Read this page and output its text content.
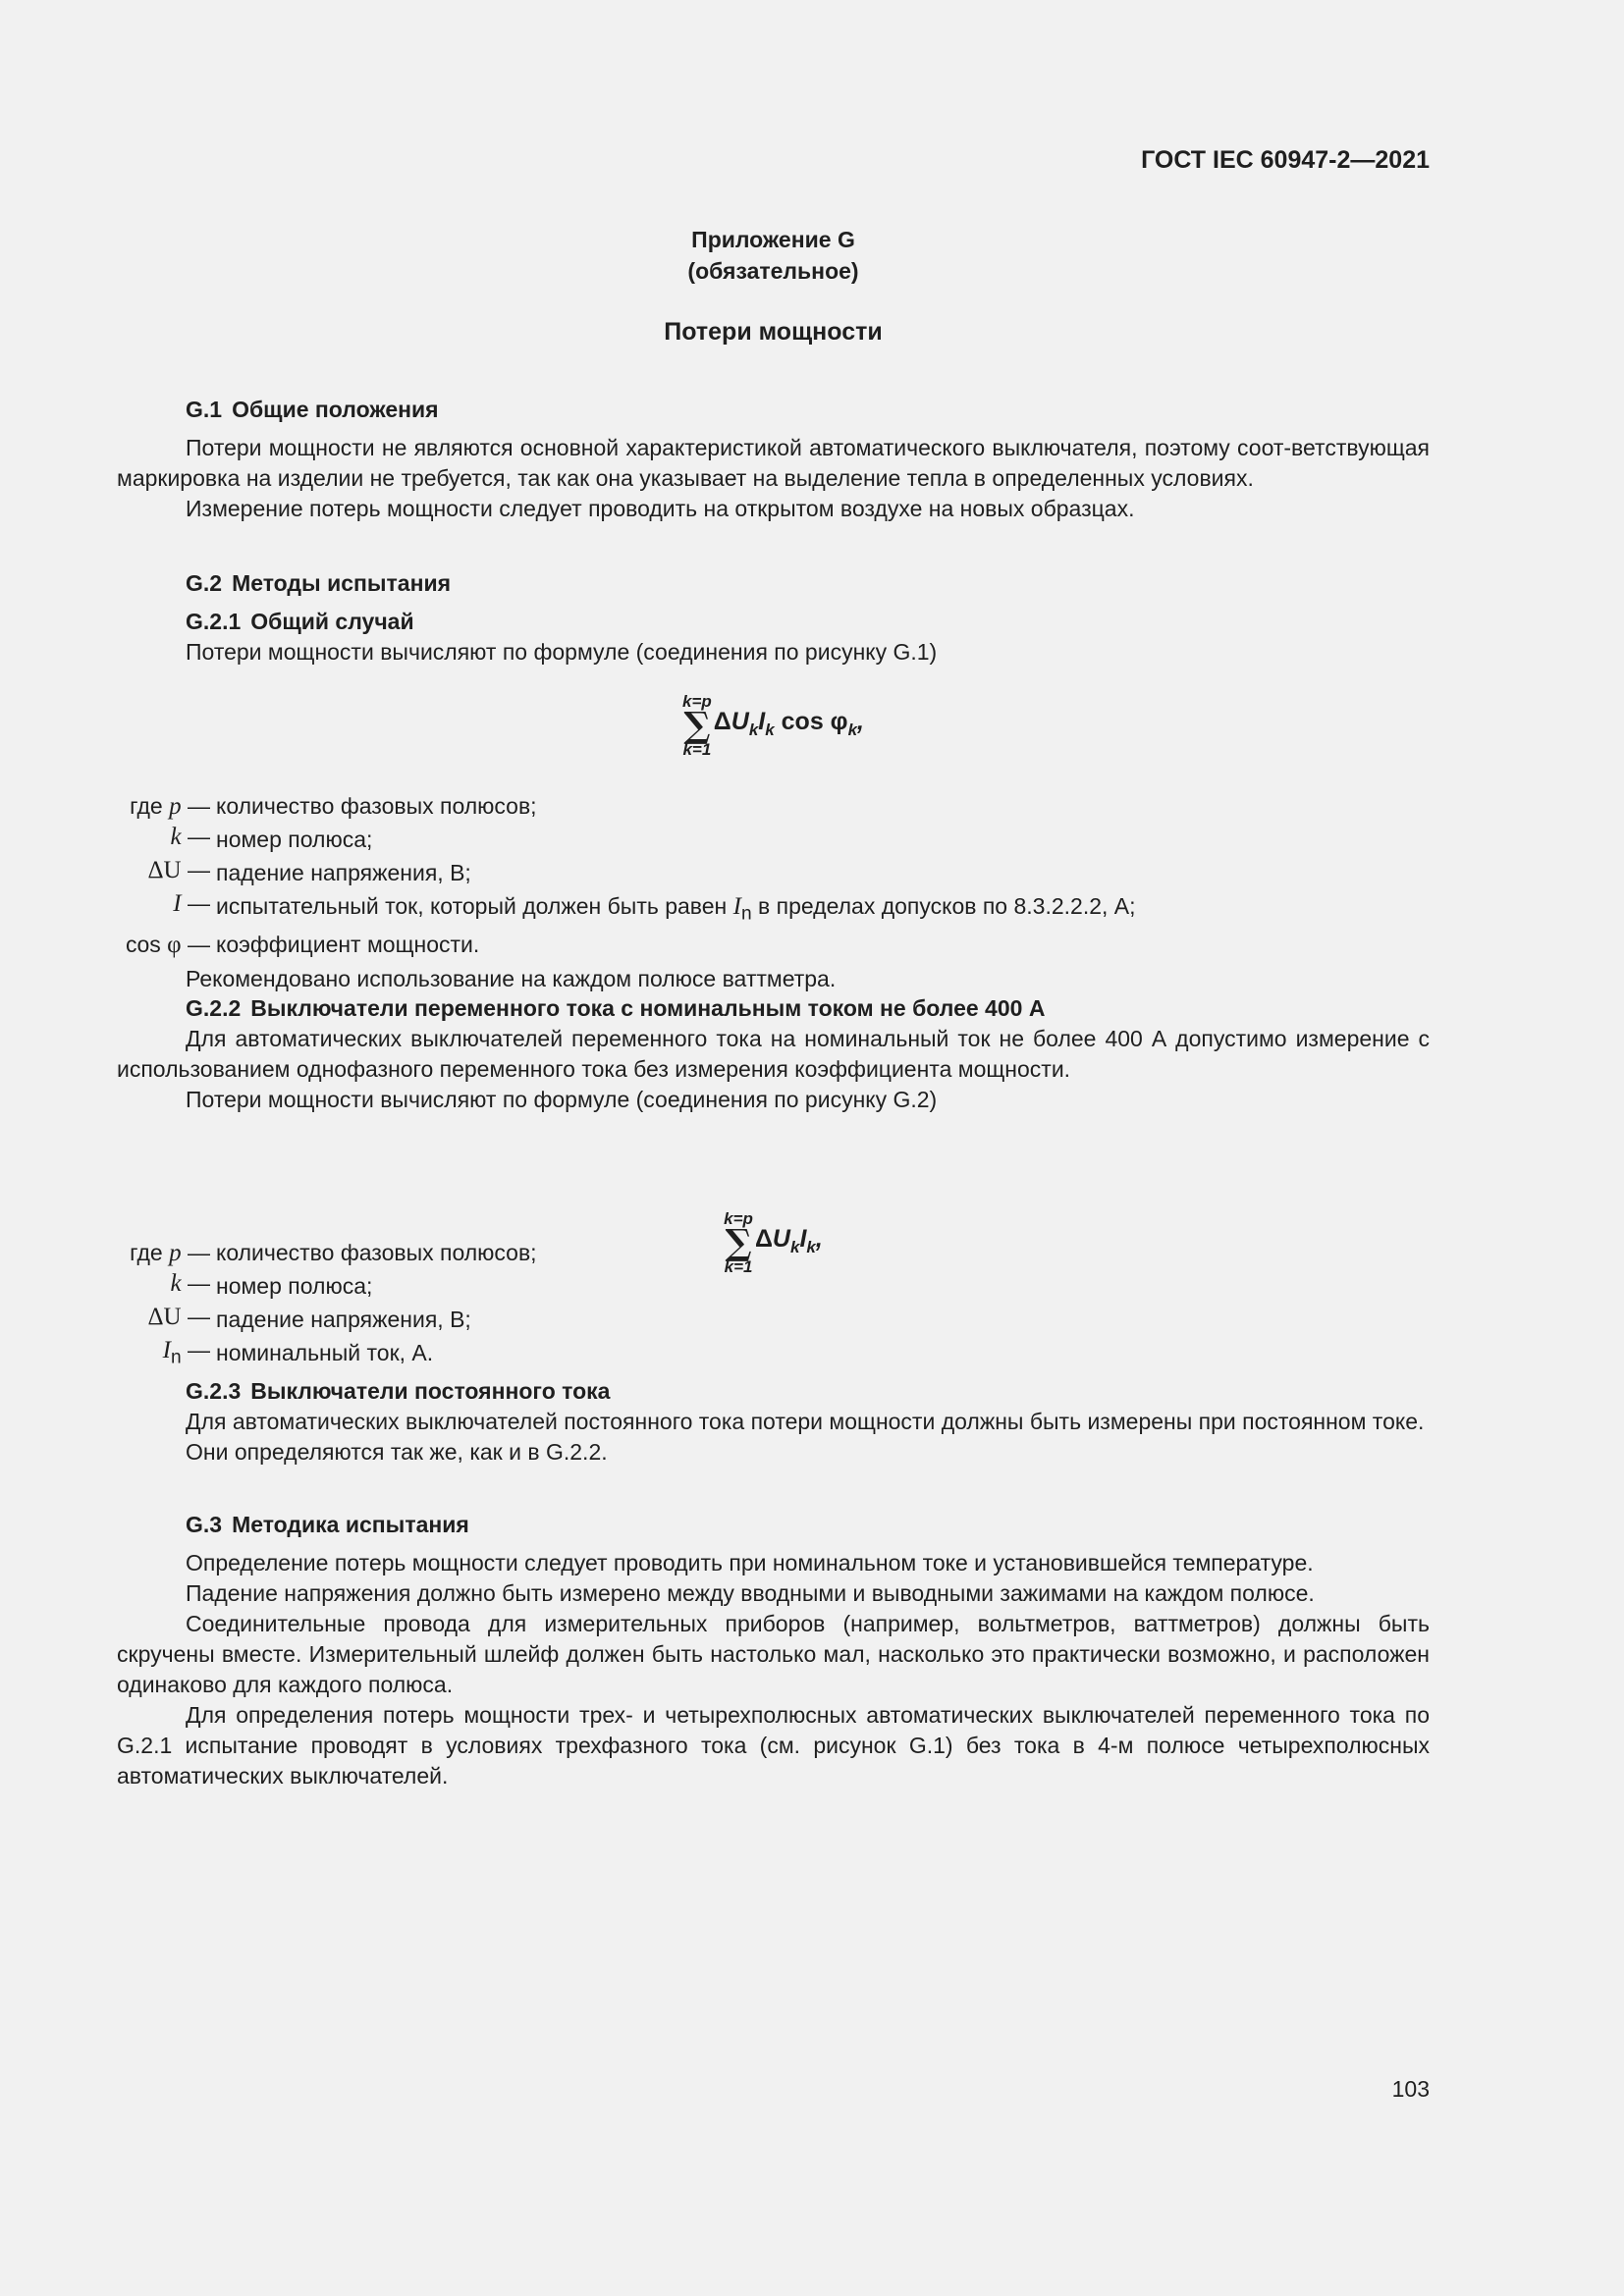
ГОСТ IEC 60947-2—2021
Приложение G
(обязательное)
Потери мощности
G.1 Общие положения

Потери мощности не являются основной характеристикой автоматического выключателя, поэтому соот-ветствующая маркировка на изделии не требуется, так как она указывает на выделение тепла в определенных условиях.

Измерение потерь мощности следует проводить на открытом воздухе на новых образцах.

G.2 Методы испытания
G.2.1 Общий случай

Потери мощности вычисляют по формуле (соединения по рисунку G.1)

k=p
∑
k=1
$\Delta U_kI_k$ $\cos \varphi_k$,
где p — количество фазовых полюсов;
k — номер полюса;
ΔU — падение напряжения, В;
I — испытательный ток, который должен быть равен $I_n$ в пределах допусков по 8.3.2.2.2, А;
cos φ — коэффициент мощности.

Рекомендовано использование на каждом полюсе ваттметра.

G.2.2 Выключатели переменного тока с номинальным током не более 400 А

Для автоматических выключателей переменного тока на номинальный ток не более 400 А допустимо измерение с использованием однофазного переменного тока без измерения коэффициента мощности.

Потери мощности вычисляют по формуле (соединения по рисунку G.2)

k=p
∑
k=1
$\Delta U_kI_k$,
где p — количество фазовых полюсов;
k — номер полюса;
ΔU — падение напряжения, В;
$I_n$ — номинальный ток, А.
G.2.3 Выключатели постоянного тока

Для автоматических выключателей постоянного тока потери мощности должны быть измерены при постоянном токе.

Они определяются так же, как и в G.2.2.

G.3 Методика испытания

Определение потерь мощности следует проводить при номинальном токе и установившейся температуре.

Падение напряжения должно быть измерено между вводными и выводными зажимами на каждом полюсе.

Соединительные провода для измерительных приборов (например, вольтметров, ваттметров) должны быть скручены вместе. Измерительный шлейф должен быть настолько мал, насколько это практически возможно, и расположен одинаково для каждого полюса.

Для определения потерь мощности трех- и четырехполюсных автоматических выключателей переменного тока по G.2.1 испытание проводят в условиях трехфазного тока (см. рисунок G.1) без тока в 4-м полюсе четырехполюсных автоматических выключателей.

103
